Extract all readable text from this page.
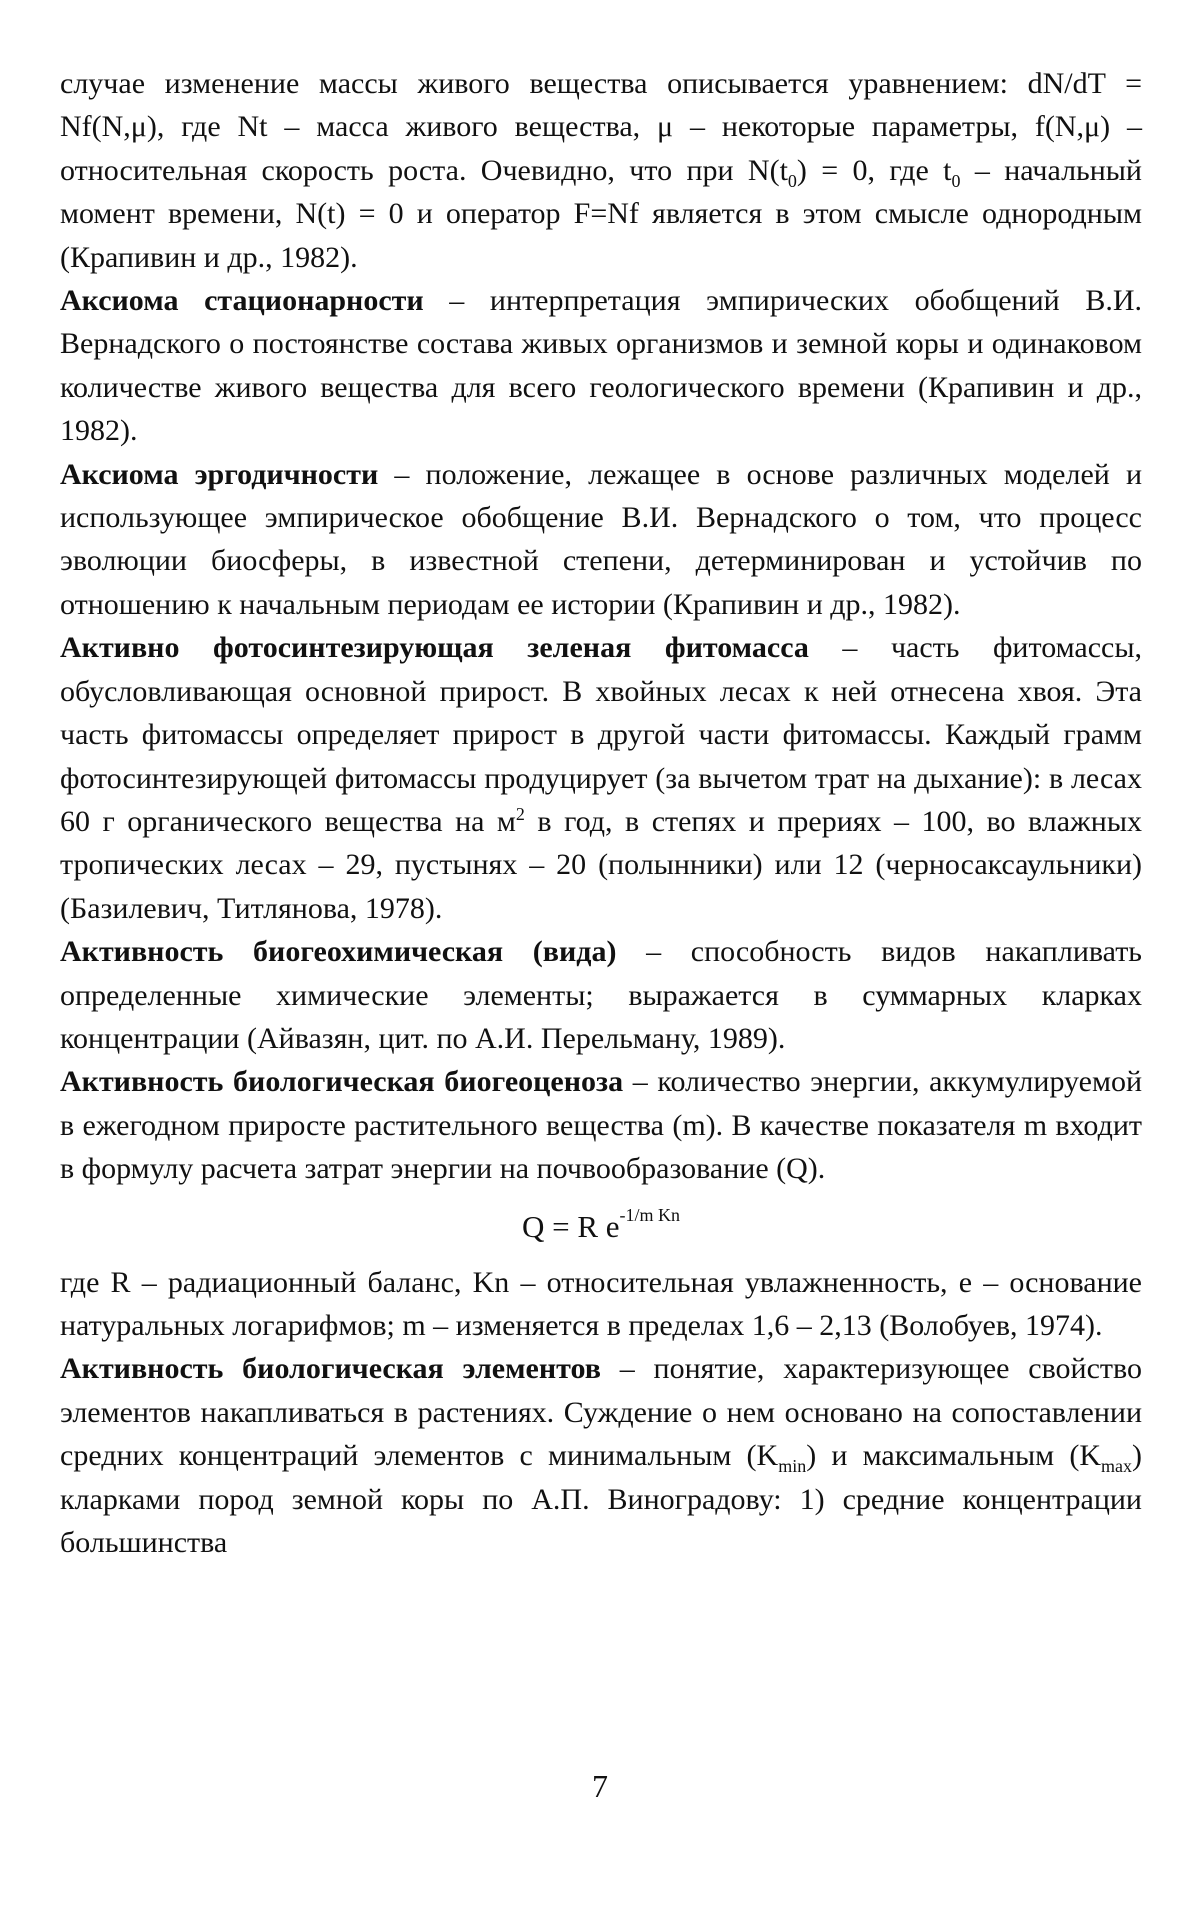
случае изменение массы живого вещества описывается уравнением: dN/dT = Nf(N,μ), где Nt – масса живого вещества, μ – некоторые параметры, f(N,μ) – относительная скорость роста. Очевидно, что при $N(t_0) = 0$, где $t_0$ – начальный момент времени, N(t) = 0 и оператор F=Nf является в этом смысле однородным (Крапивин и др., 1982).

Аксиома стационарности – интерпретация эмпирических обобщений В.И. Вернадского о постоянстве состава живых организмов и земной коры и одинаковом количестве живого вещества для всего геологического времени (Крапивин и др., 1982).

Аксиома эргодичности – положение, лежащее в основе различных моделей и использующее эмпирическое обобщение В.И. Вернадского о том, что процесс эволюции биосферы, в известной степени, детерминирован и устойчив по отношению к начальным периодам ее истории (Крапивин и др., 1982).

Активно фотосинтезирующая зеленая фитомасса – часть фитомассы, обусловливающая основной прирост. В хвойных лесах к ней отнесена хвоя. Эта часть фитомассы определяет прирост в другой части фитомассы. Каждый грамм фотосинтезирующей фитомассы продуцирует (за вычетом трат на дыхание): в лесах 60 г органического вещества на $м^2$ в год, в степях и прериях – 100, во влажных тропических лесах – 29, пустынях – 20 (полынники) или 12 (черносаксаульники) (Базилевич, Титлянова, 1978).

Активность биогеохимическая (вида) – способность видов накапливать определенные химические элементы; выражается в суммарных кларках концентрации (Айвазян, цит. по А.И. Перельману, 1989).

Активность биологическая биогеоценоза – количество энергии, аккумулируемой в ежегодном приросте растительного вещества (m). В качестве показателя m входит в формулу расчета затрат энергии на почвообразование (Q).

Q = R $e^{-1/m Kn}$

где R – радиационный баланс, Kn – относительная увлажненность, e – основание натуральных логарифмов; m – изменяется в пределах 1,6 – 2,13 (Волобуев, 1974).

Активность биологическая элементов – понятие, характеризующее свойство элементов накапливаться в растениях. Суждение о нем основано на сопоставлении средних концентраций элементов с минимальным $(K_{min})$ и максимальным $(K_{max})$ кларками пород земной коры по А.П. Виноградову: 1) средние концентрации большинства

7
